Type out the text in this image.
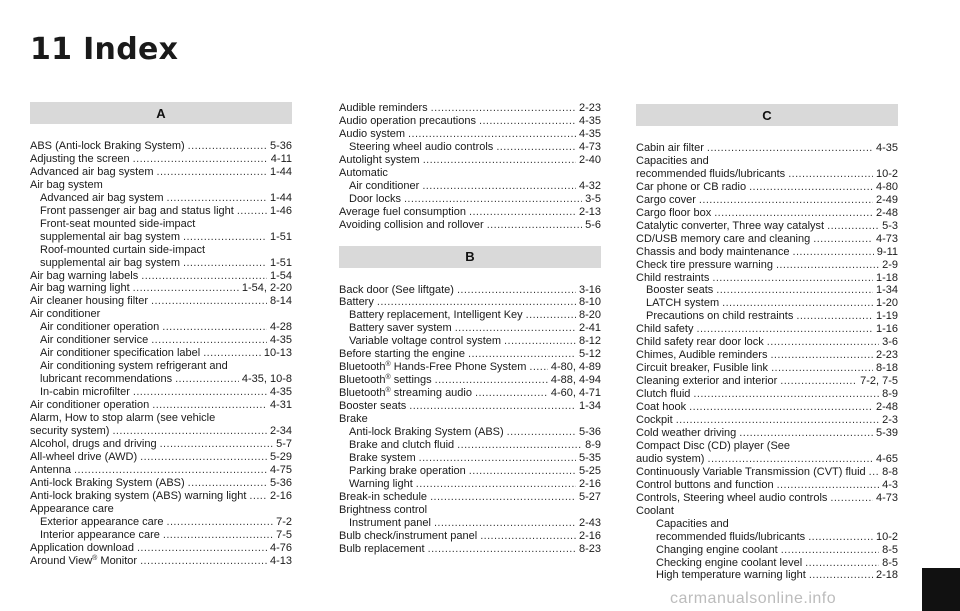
11 Index
A
ABS (Anti-lock Braking System) .....	5-36
Adjusting the screen .....	4-11
Advanced air bag system .....	1-44
Air bag system
Advanced air bag system .....	1-44
Front passenger air bag and status light .....	1-46
Front-seat mounted side-impact
supplemental air bag system .....	1-51
Roof-mounted curtain side-impact
supplemental air bag system .....	1-51
Air bag warning labels .....	1-54
Air bag warning light .....	1-54, 2-20
Air cleaner housing filter .....	8-14
Air conditioner
Air conditioner operation .....	4-28
Air conditioner service .....	4-35
Air conditioner specification label .....	10-13
Air conditioning system refrigerant and
lubricant recommendations .....	4-35, 10-8
In-cabin microfilter .....	4-35
Air conditioner operation .....	4-31
Alarm, How to stop alarm (see vehicle
security system) .....	2-34
Alcohol, drugs and driving .....	5-7
All-wheel drive (AWD) .....	5-29
Antenna .....	4-75
Anti-lock Braking System (ABS) .....	5-36
Anti-lock braking system (ABS) warning light ..... 2-16
Appearance care
Exterior appearance care .....	7-2
Interior appearance care .....	7-5
Application download .....	4-76
Around View® Monitor .....	4-13
Audible reminders .....	2-23
Audio operation precautions .....	4-35
Audio system .....	4-35
Steering wheel audio controls .....	4-73
Autolight system .....	2-40
Automatic
Air conditioner .....	4-32
Door locks .....	3-5
Average fuel consumption .....	2-13
Avoiding collision and rollover .....	5-6
B
Back door (See liftgate) .....	3-16
Battery .....	8-10
Battery replacement, Intelligent Key .....	8-20
Battery saver system .....	2-41
Variable voltage control system .....	8-12
Before starting the engine .....	5-12
Bluetooth® Hands-Free Phone System ..... 4-80, 4-89
Bluetooth® settings .....	4-88, 4-94
Bluetooth® streaming audio .....	4-60, 4-71
Booster seats .....	1-34
Brake
Anti-lock Braking System (ABS) .....	5-36
Brake and clutch fluid .....	8-9
Brake system .....	5-35
Parking brake operation .....	5-25
Warning light .....	2-16
Break-in schedule .....	5-27
Brightness control
Instrument panel .....	2-43
Bulb check/instrument panel .....	2-16
Bulb replacement .....	8-23
C
Cabin air filter .....	4-35
Capacities and
recommended fluids/lubricants .....	10-2
Car phone or CB radio .....	4-80
Cargo cover .....	2-49
Cargo floor box .....	2-48
Catalytic converter, Three way catalyst .....	5-3
CD/USB memory care and cleaning .....	4-73
Chassis and body maintenance .....	9-11
Check tire pressure warning .....	2-9
Child restraints .....	1-18
Booster seats .....	1-34
LATCH system .....	1-20
Precautions on child restraints .....	1-19
Child safety .....	1-16
Child safety rear door lock .....	3-6
Chimes, Audible reminders .....	2-23
Circuit breaker, Fusible link .....	8-18
Cleaning exterior and interior .....	7-2, 7-5
Clutch fluid .....	8-9
Coat hook .....	2-48
Cockpit .....	2-3
Cold weather driving .....	5-39
Compact Disc (CD) player (See
audio system) .....	4-65
Continuously Variable Transmission (CVT) fluid ..... 8-8
Control buttons and function .....	4-3
Controls, Steering wheel audio controls .....	4-73
Coolant
Capacities and
recommended fluids/lubricants .....	10-2
Changing engine coolant .....	8-5
Checking engine coolant level .....	8-5
High temperature warning light .....	2-18
carmanualsonline.info
